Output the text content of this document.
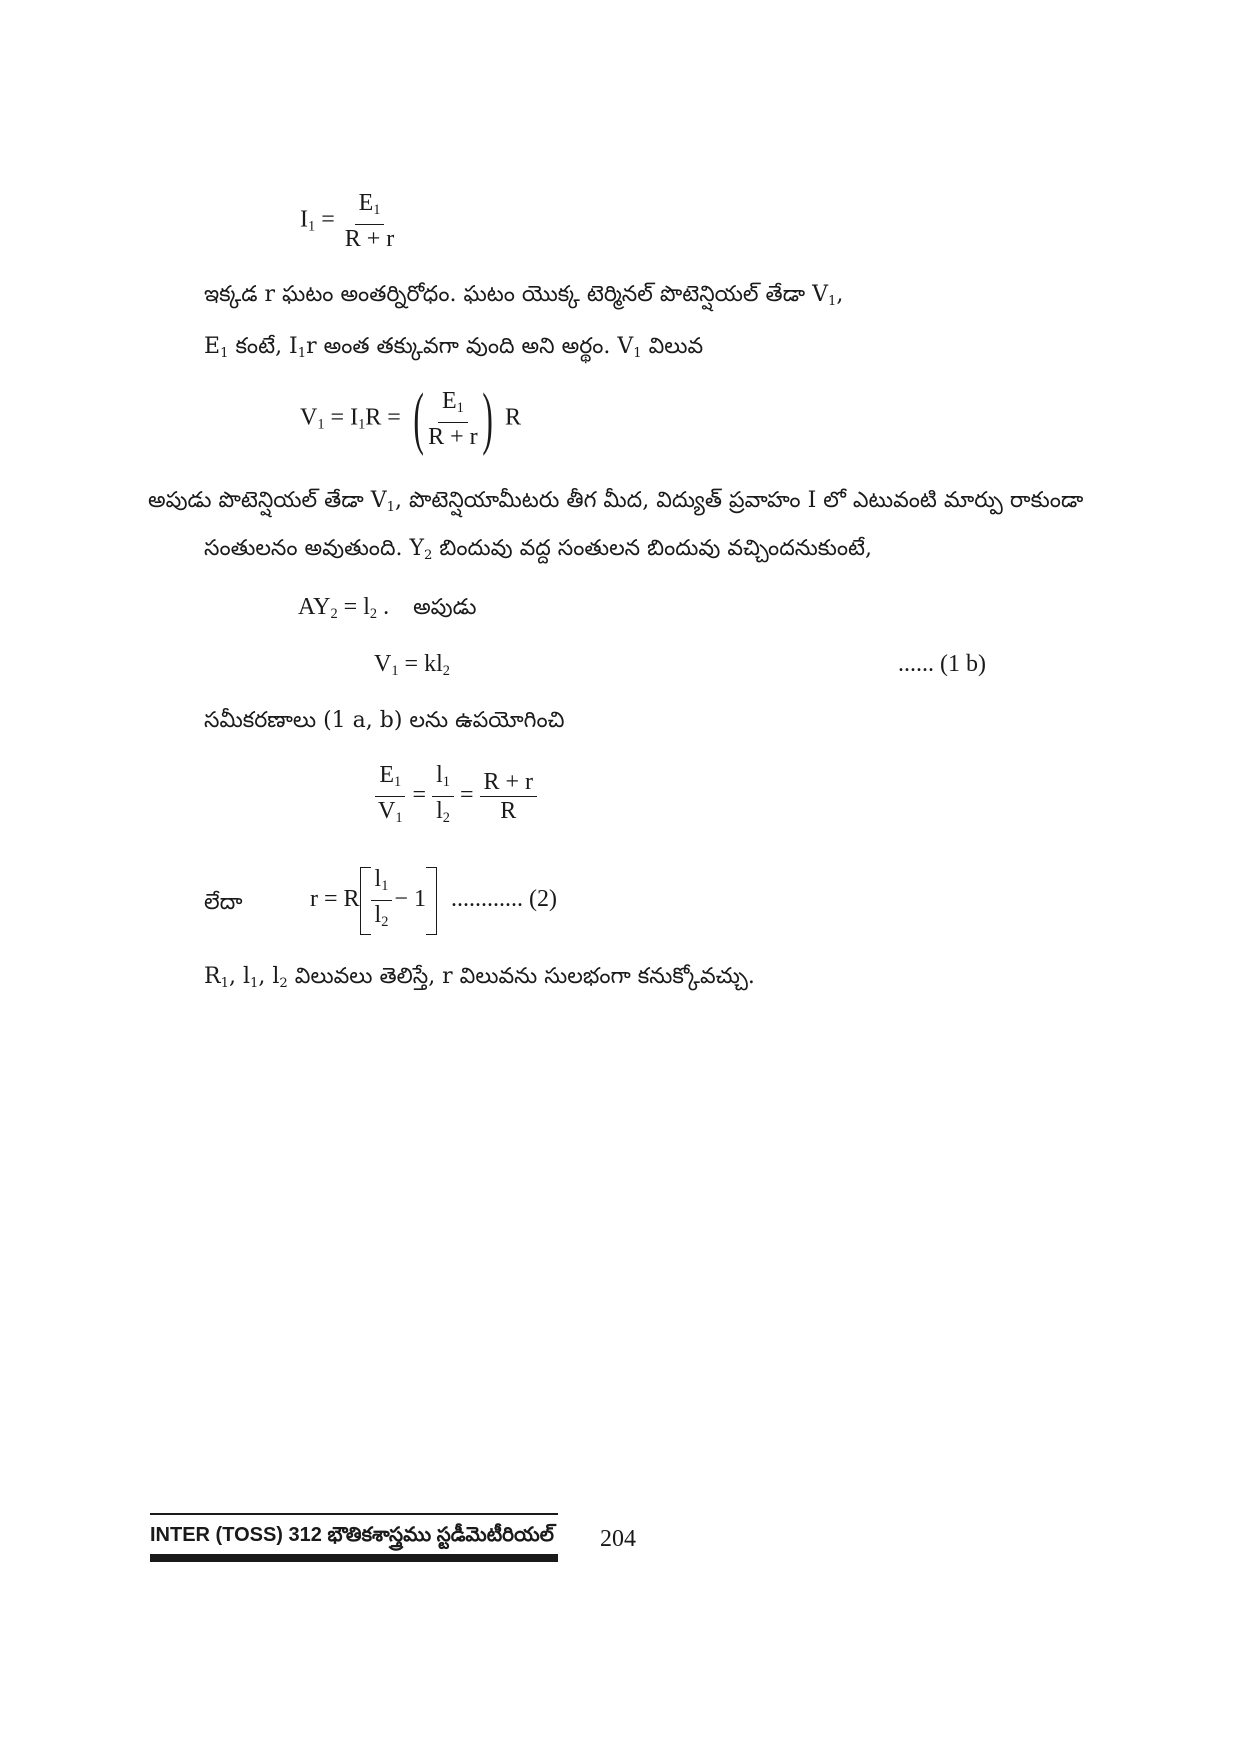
$I_1 = \frac{E_1}{R + r}$
ఇక్కడ r ఘటం అంతర్నిరోధం. ఘటం యొక్క టెర్మినల్ పొటెన్షియల్ తేడా $V_1$,
$E_1$ కంటే, $I_1r$ అంత తక్కువగా వుంది అని అర్థం. $V_1$ విలువ
$V_1 = I_1R$ = ( $\frac{E_1}{R + r}$ ) R
అపుడు పొటెన్షియల్ తేడా $V_1$, పొటెన్షియామీటరు తీగ మీద, విద్యుత్ ప్రవాహం I లో ఎటువంటి మార్పు రాకుండా
సంతులనం అవుతుంది. $Y_2$ బిందువు వద్ద సంతులన బిందువు వచ్చిందనుకుంటే,
$AY_2 = l_2$ . అపుడు
$V_1 = kl_2$	...... (1 b)
సమీకరణాలు (1 a, b) లను ఉపయోగించి
$\frac{E_1}{V_1} = \frac{l_1}{l_2} = \frac{R + r}{R}$
లేదా	r = R $\frac{l_1}{l_2} - 1$ ............ (2)
$R_1$, $l_1$, $l_2$ విలువలు తెలిస్తే, r విలువను సులభంగా కనుక్కోవచ్చు.
INTER (TOSS) 312 భౌతికశాస్త్రము స్టడీమెటీరియల్ 204
